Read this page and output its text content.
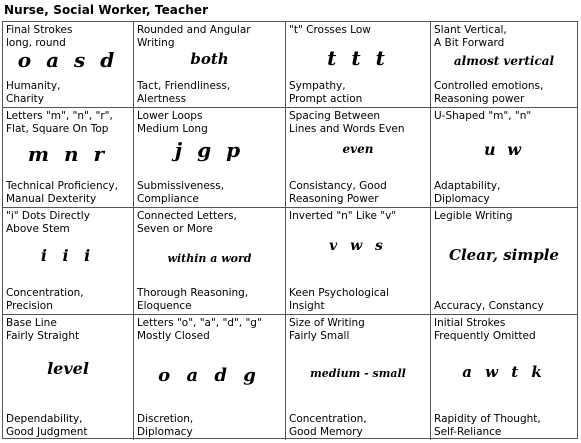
Nurse, Social Worker, Teacher
Final Strokes
long, round
o a s d
Humanity,
Charity
Rounded and Angular
Writing
both
Tact, Friendliness,
Alertness
"t" Crosses Low
t t t
Sympathy,
Prompt action
Slant Vertical,
A Bit Forward
almost vertical
Controlled emotions,
Reasoning power
Letters "m", "n", "r",
Flat, Square On Top
m n r
Technical Proficiency,
Manual Dexterity
Lower Loops
Medium Long
j g p
Submissiveness,
Compliance
Spacing Between
Lines and Words Even
even
Consistancy, Good
Reasoning Power
U-Shaped "m", "n"
u w
Adaptability,
Diplomacy
"i" Dots Directly
Above Stem
i i i
Concentration,
Precision
Connected Letters,
Seven or More
within a word
Thorough Reasoning,
Eloquence
Inverted "n" Like "v"
v w s
Keen Psychological
Insight
Legible Writing
Clear, simple
Accuracy, Constancy
Base Line
Fairly Straight
level
Dependability,
Good Judgment
Letters "o", "a", "d", "g"
Mostly Closed
o a d g
Discretion,
Diplomacy
Size of Writing
Fairly Small
medium - small
Concentration,
Good Memory
Initial Strokes
Frequently Omitted
a w t k
Rapidity of Thought,
Self-Reliance
